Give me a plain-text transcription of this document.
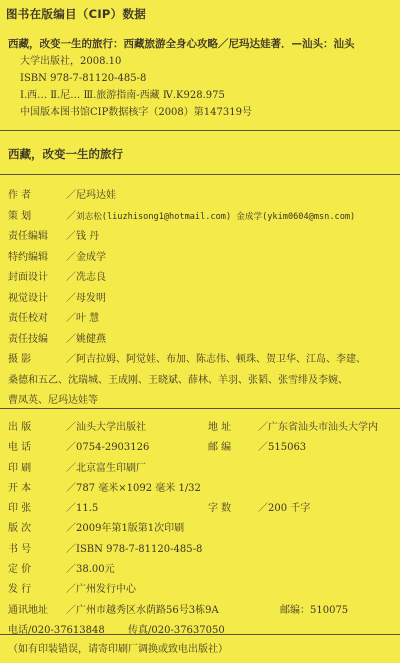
图书在版编目（CIP）数据
西藏，改变一生的旅行：西藏旅游全身心攻略／尼玛达娃著．—汕头：汕头
大学出版社，2008.10
ISBN 978-7-81120-485-8
Ⅰ.西… Ⅱ.尼… Ⅲ.旅游指南-西藏 Ⅳ.K928.975
中国版本图书馆CIP数据核字（2008）第147319号
西藏，改变一生的旅行
作 者	／ 尼玛达娃
策 划	／ 刘志松(liuzhisong1@hotmail.com) 金成学(ykim0604@msn.com)
责任编辑	／ 钱 丹
特约编辑	／ 金成学
封面设计	／ 冼志良
视觉设计	／ 母发明
责任校对	／ 叶 慧
责任技编	／ 姚健燕
摄 影	／ 阿吉拉姆、阿觉娃、布加、陈志伟、顿珠、贺卫华、江岛、李建、
桑德和五乙、沈瑞城、王成刚、王晓斌、薛林、羊羽、张韬、张雪绯及李婉、
曹凤英、尼玛达娃等
出 版	／汕头大学出版社	地 址	／广东省汕头市汕头大学内
电 话	／0754-2903126	邮 编	／515063
印 刷	／北京富生印刷厂
开 本	／787 毫米×1092 毫米 1/32
印 张	／11.5	字 数	／200 千字
版 次	／2009年第1版第1次印刷
书 号	／ISBN 978-7-81120-485-8
定 价	／38.00元
发 行	／广州发行中心
通讯地址 ／广州市越秀区水荫路56号3栋9A	邮编：510075
电话/020-37613848 传真/020-37637050
（如有印装错误，请寄印刷厂调换或致电出版社）
